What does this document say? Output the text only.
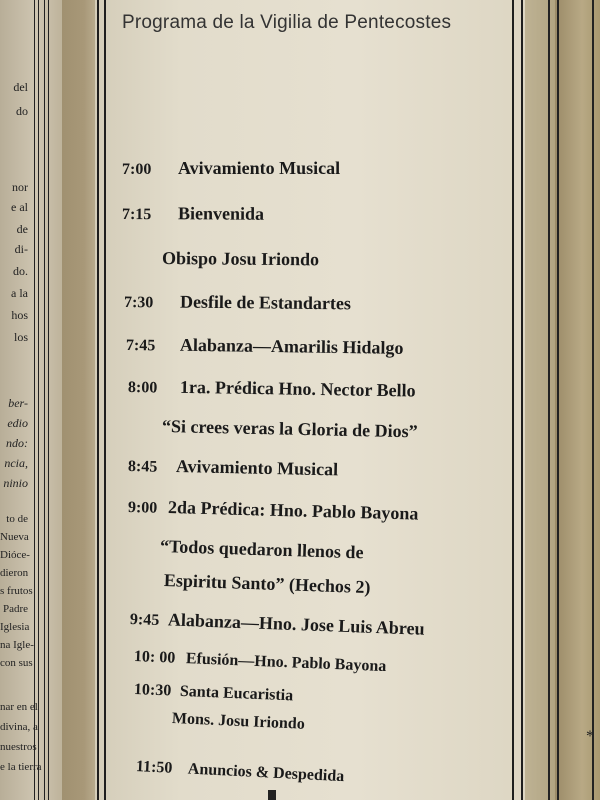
del
do
nor
e al
de
di-
do.
a la
hos
los
ber-
edio
ndo:
ncia,
ninio
to de
Nueva
Dióce-
dieron
s frutos
Padre
Iglesia
na Igle-
con sus
nar en el
divina, a
nuestros
e la tierra
Programa de la Vigilia de Pentecostes
7:00 Avivamiento Musical
7:15 Bienvenida
Obispo Josu Iriondo
7:30 Desfile de Estandartes
7:45 Alabanza—Amarilis Hidalgo
8:00 1ra. Prédica Hno. Nector Bello
“Si crees veras la Gloria de Dios”
8:45 Avivamiento Musical
9:00 2da Prédica: Hno. Pablo Bayona
“Todos quedaron llenos de
Espiritu Santo” (Hechos 2)
9:45 Alabanza—Hno. Jose Luis Abreu
10: 00 Efusión—Hno. Pablo Bayona
10:30 Santa Eucaristia
Mons. Josu Iriondo
11:50 Anuncios & Despedida
*
